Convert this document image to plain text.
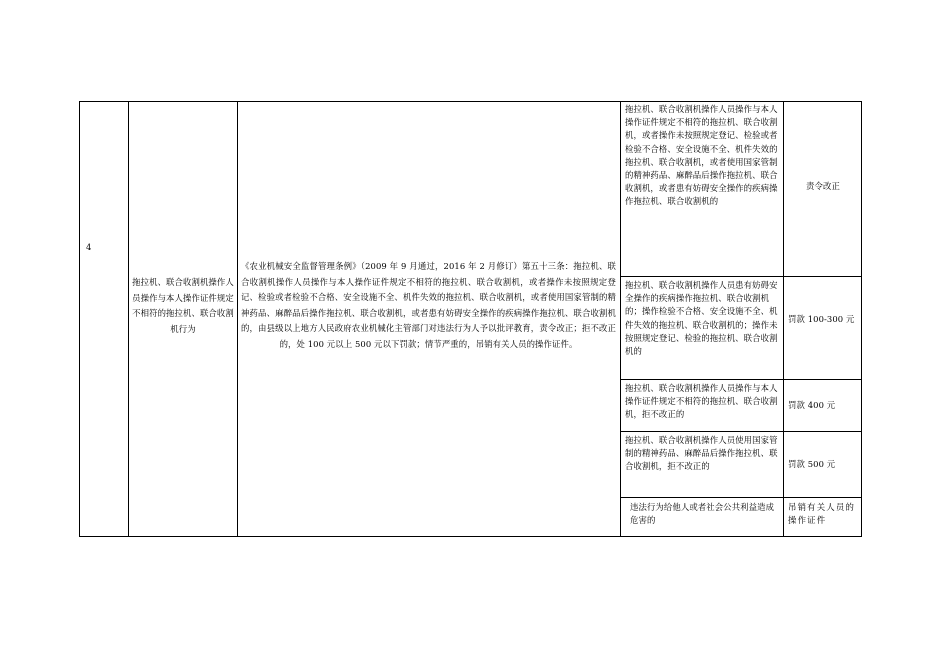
4
拖拉机、联合收割机操作人员操作与本人操作证件规定不相符的拖拉机、联合收割机行为
《农业机械安全监督管理条例》（2009 年 9 月通过，2016 年 2 月修订）第五十三条：拖拉机、联合收割机操作人员操作与本人操作证件规定不相符的拖拉机、联合收割机，或者操作未按照规定登记、检验或者检验不合格、安全设施不全、机件失效的拖拉机、联合收割机，或者使用国家管制的精神药品、麻醉品后操作拖拉机、联合收割机，或者患有妨碍安全操作的疾病操作拖拉机、联合收割机的，由县级以上地方人民政府农业机械化主管部门对违法行为人予以批评教育，责令改正；拒不改正的，处 100 元以上 500 元以下罚款；情节严重的，吊销有关人员的操作证件。
拖拉机、联合收割机操作人员操作与本人操作证件规定不相符的拖拉机、联合收割机，或者操作未按照规定登记、检验或者检验不合格、安全设施不全、机件失效的拖拉机、联合收割机，或者使用国家管制的精神药品、麻醉品后操作拖拉机、联合收割机，或者患有妨碍安全操作的疾病操作拖拉机、联合收割机的
责令改正
拖拉机、联合收割机操作人员患有妨碍安全操作的疾病操作拖拉机、联合收割机的；操作检验不合格、安全设施不全、机件失效的拖拉机、联合收割机的；操作未按照规定登记、检验的拖拉机、联合收割机的
罚款 100-300 元
拖拉机、联合收割机操作人员操作与本人操作证件规定不相符的拖拉机、联合收割机，拒不改正的
罚款 400 元
拖拉机、联合收割机操作人员使用国家管制的精神药品、麻醉品后操作拖拉机、联合收割机，拒不改正的	罚款 500 元
违法行为给他人或者社会公共利益造成危害的
吊销有关人员的操作证件
